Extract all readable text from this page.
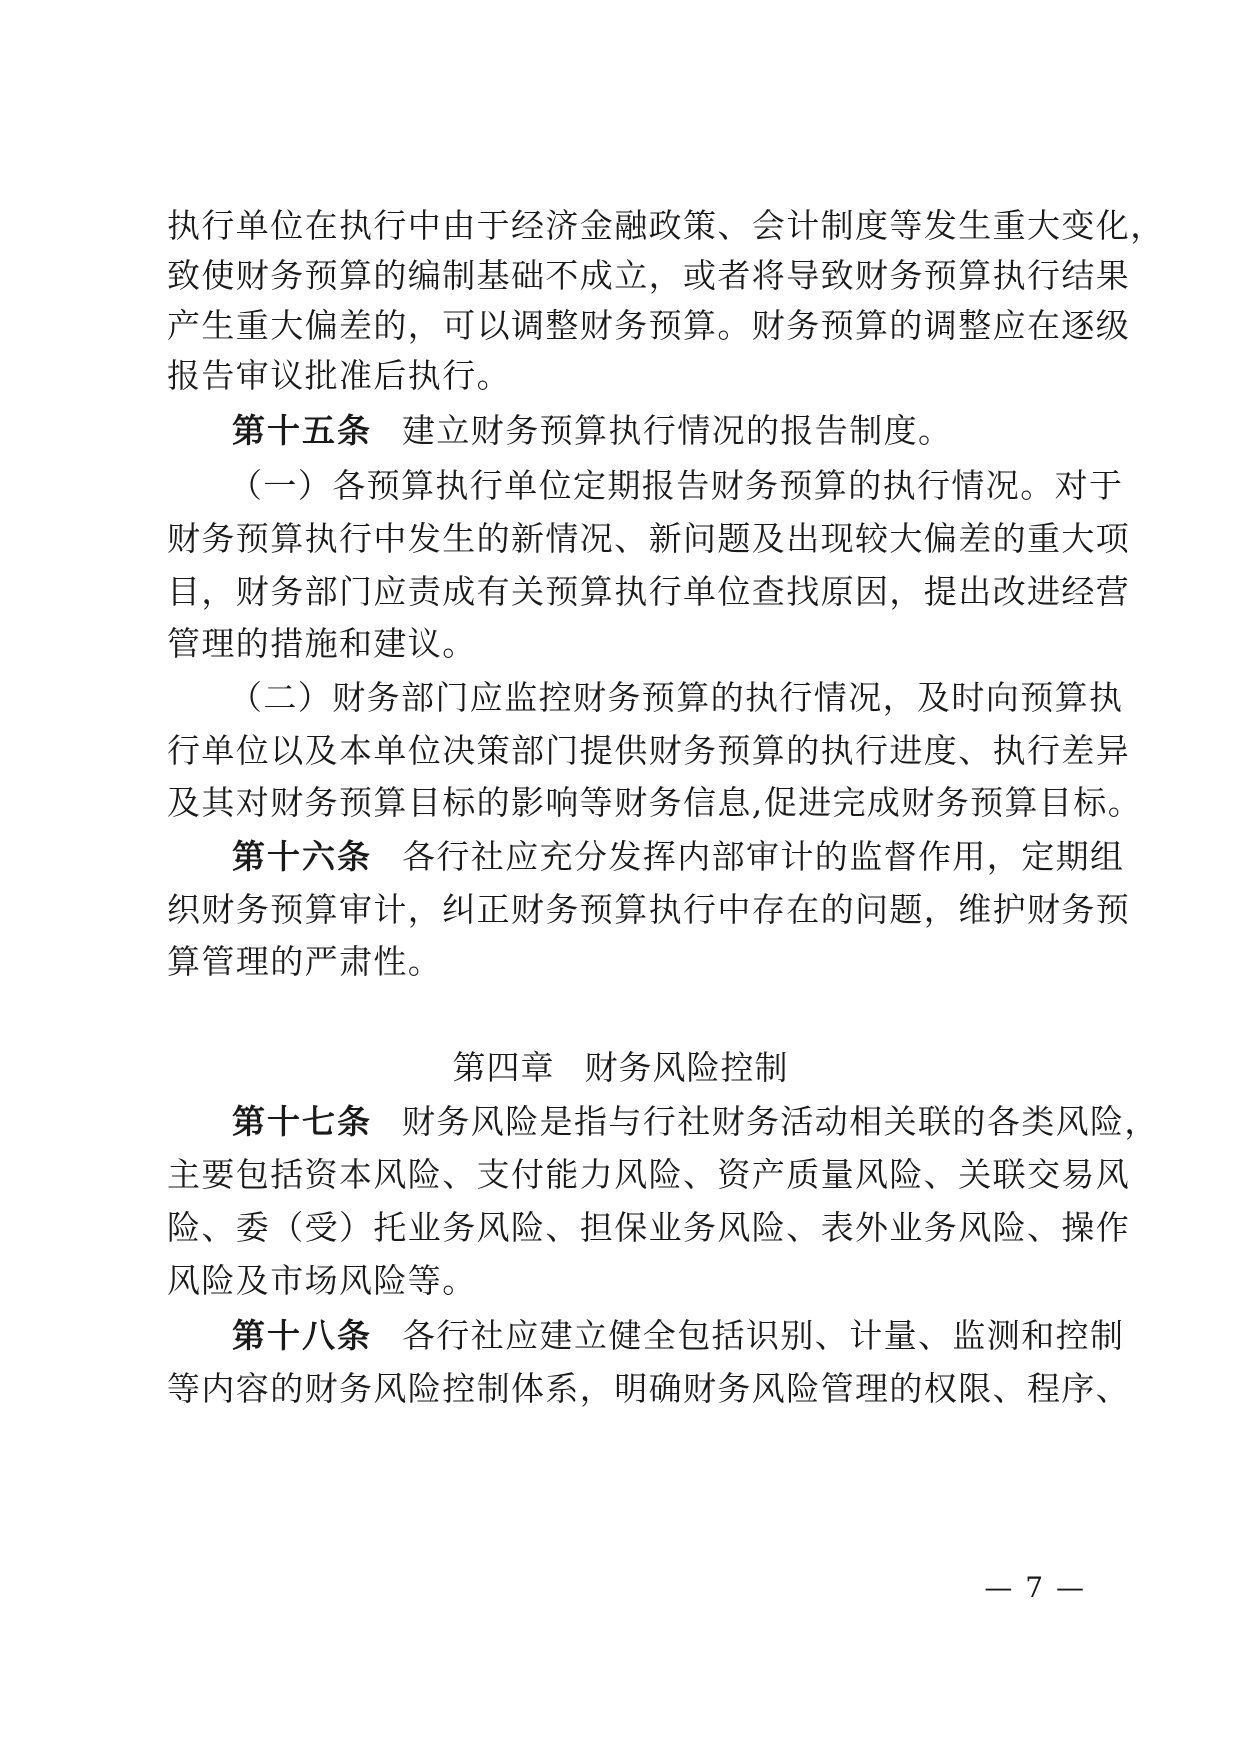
执行单位在执行中由于经济金融政策、会计制度等发生重大变化，
致使财务预算的编制基础不成立，或者将导致财务预算执行结果
产生重大偏差的，可以调整财务预算。财务预算的调整应在逐级
报告审议批准后执行。
第十五条 建立财务预算执行情况的报告制度。
（一）各预算执行单位定期报告财务预算的执行情况。对于
财务预算执行中发生的新情况、新问题及出现较大偏差的重大项
目，财务部门应责成有关预算执行单位查找原因，提出改进经营
管理的措施和建议。
（二）财务部门应监控财务预算的执行情况，及时向预算执
行单位以及本单位决策部门提供财务预算的执行进度、执行差异
及其对财务预算目标的影响等财务信息,促进完成财务预算目标。
第十六条 各行社应充分发挥内部审计的监督作用，定期组
织财务预算审计，纠正财务预算执行中存在的问题，维护财务预
算管理的严肃性。
第四章 财务风险控制
第十七条 财务风险是指与行社财务活动相关联的各类风险，
主要包括资本风险、支付能力风险、资产质量风险、关联交易风
险、委（受）托业务风险、担保业务风险、表外业务风险、操作
风险及市场风险等。
第十八条 各行社应建立健全包括识别、计量、监测和控制
等内容的财务风险控制体系，明确财务风险管理的权限、程序、
— 7 —
